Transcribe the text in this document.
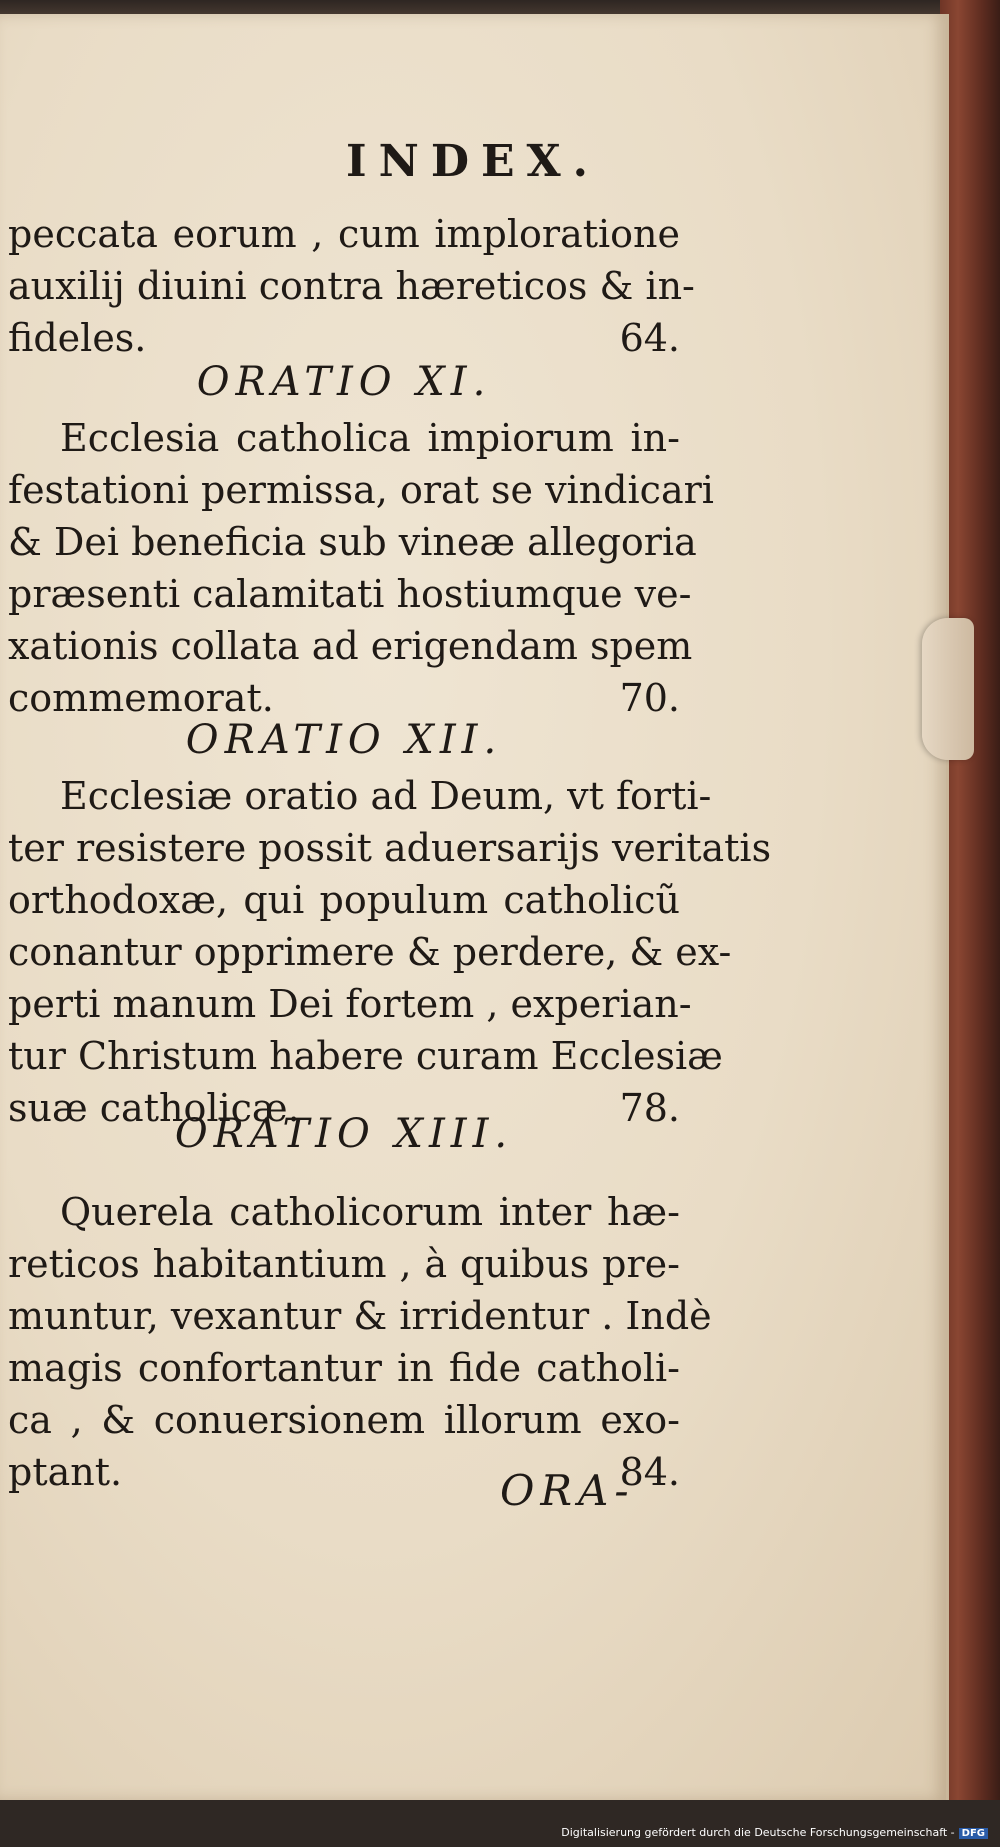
INDEX.
peccata eorum , cum imploratione
auxilij diuini contra hæreticos & in-
fideles.	64.
ORATIO XI.
Ecclesia catholica impiorum in-
festationi permissa, orat se vindicari
& Dei beneficia sub vineæ allegoria
præsenti calamitati hostiumque ve-
xationis collata ad erigendam spem
commemorat.	70.
ORATIO XII.
Ecclesiæ oratio ad Deum, vt forti-
ter resistere possit aduersarijs veritatis
orthodoxæ, qui populum catholicũ
conantur opprimere & perdere, & ex-
perti manum Dei fortem , experian-
tur Christum habere curam Ecclesiæ
suæ catholicæ.	78.
ORATIO XIII.
Querela catholicorum inter hæ-
reticos habitantium , à quibus pre-
muntur, vexantur & irridentur . Indè
magis confortantur in fide catholi-
ca , & conuersionem illorum exo-
ptant.	84.
ORA-
Digitalisierung gefördert durch die Deutsche Forschungsgemeinschaft - DFG
